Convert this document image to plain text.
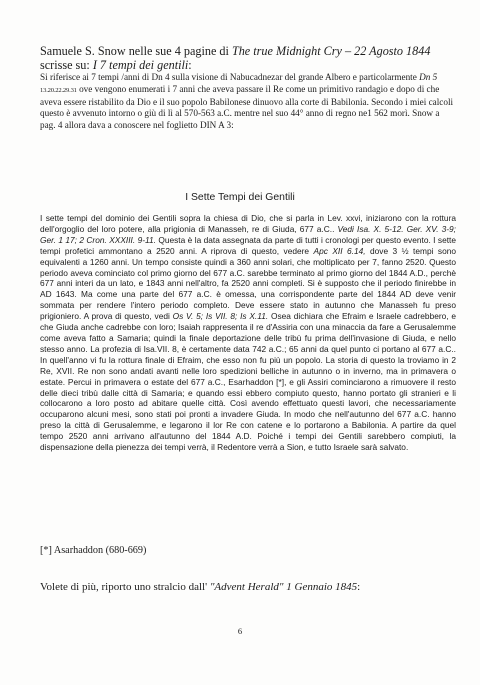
Samuele S. Snow nelle sue 4 pagine di The true Midnight Cry – 22 Agosto 1844
scrisse su: I 7 tempi dei gentili:

Si riferisce ai 7 tempi /anni di Dn 4 sulla visione di Nabucadnezar del grande Albero e particolarmente Dn 5 13.20.22.29.31 ove vengono enumerati i 7 anni che aveva passare il Re come un primitivo randagio e dopo di che aveva essere ristabilito da Dio e il suo popolo Babilonese dinuovo alla corte di Babilonia. Secondo i miei calcoli questo è avvenuto intorno o giù di lì al 570-563 a.C. mentre nel suo 44° anno di regno ne1 562 morì. Snow a pag. 4 allora dava a conoscere nel foglietto DIN A 3:

I Sette Tempi dei Gentili

I sette tempi del dominio dei Gentili sopra la chiesa di Dio, che si parla in Lev. xxvi, iniziarono con la rottura dell'orgoglio del loro potere, alla prigionia di Manasseh, re di Giuda, 677 a.C.. Vedi Isa. X. 5-12. Ger. XV. 3-9; Ger. 1 17; 2 Cron. XXXIII. 9-11. Questa è la data assegnata da parte di tutti i cronologi per questo evento. I sette tempi profetici ammontano a 2520 anni. A riprova di questo, vedere Apc XII 6.14, dove 3 ½ tempi sono equivalenti a 1260 anni. Un tempo consiste quindi a 360 anni solari, che moltiplicato per 7, fanno 2520. Questo periodo aveva cominciato col primo giorno del 677 a.C. sarebbe terminato al primo giorno del 1844 A.D., perchè 677 anni interi da un lato, e 1843 anni nell'altro, fa 2520 anni completi. Si è supposto che il periodo finirebbe in AD 1643. Ma come una parte del 677 a.C. è omessa, una corrispondente parte del 1844 AD deve venir sommata per rendere l'intero periodo completo. Deve essere stato in autunno che Manasseh fu preso prigioniero. A prova di questo, vedi Os V. 5; Is VII. 8; Is X.11. Osea dichiara che Efraim e Israele cadrebbero, e che Giuda anche cadrebbe con loro; Isaiah rappresenta il re d'Assiria con una minaccia da fare a Gerusalemme come aveva fatto a Samaria; quindi la finale deportazione delle tribù fu prima dell'invasione di Giuda, e nello stesso anno. La profezia di Isa.VII. 8, è certamente data 742 a.C.; 65 anni da quel punto ci portano al 677 a.C.. In quell'anno vi fu la rottura finale di Efraim, che esso non fu più un popolo. La storia di questo la troviamo in 2 Re, XVII. Re non sono andati avanti nelle loro spedizioni belliche in autunno o in inverno, ma in primavera o estate. Percui in primavera o estate del 677 a.C., Esarhaddon [*], e gli Assiri cominciarono a rimuovere il resto delle dieci tribù dalle città di Samaria; e quando essi ebbero compiuto questo, hanno portato gli stranieri e li collocarono a loro posto ad abitare quelle città. Così avendo effettuato questi lavori, che necessariamente occuparono alcuni mesi, sono stati poi pronti a invadere Giuda. In modo che nell'autunno del 677 a.C. hanno preso la città di Gerusalemme, e legarono il lor Re con catene e lo portarono a Babilonia. A partire da quel tempo 2520 anni arrivano all'autunno del 1844 A.D. Poiché i tempi dei Gentili sarebbero compiuti, la dispensazione della pienezza dei tempi verrà, il Redentore verrà a Sion, e tutto Israele sarà salvato.

[*] Asarhaddon (680-669)
Volete di più, riporto uno stralcio dall' "Advent Herald" 1 Gennaio 1845:
6
